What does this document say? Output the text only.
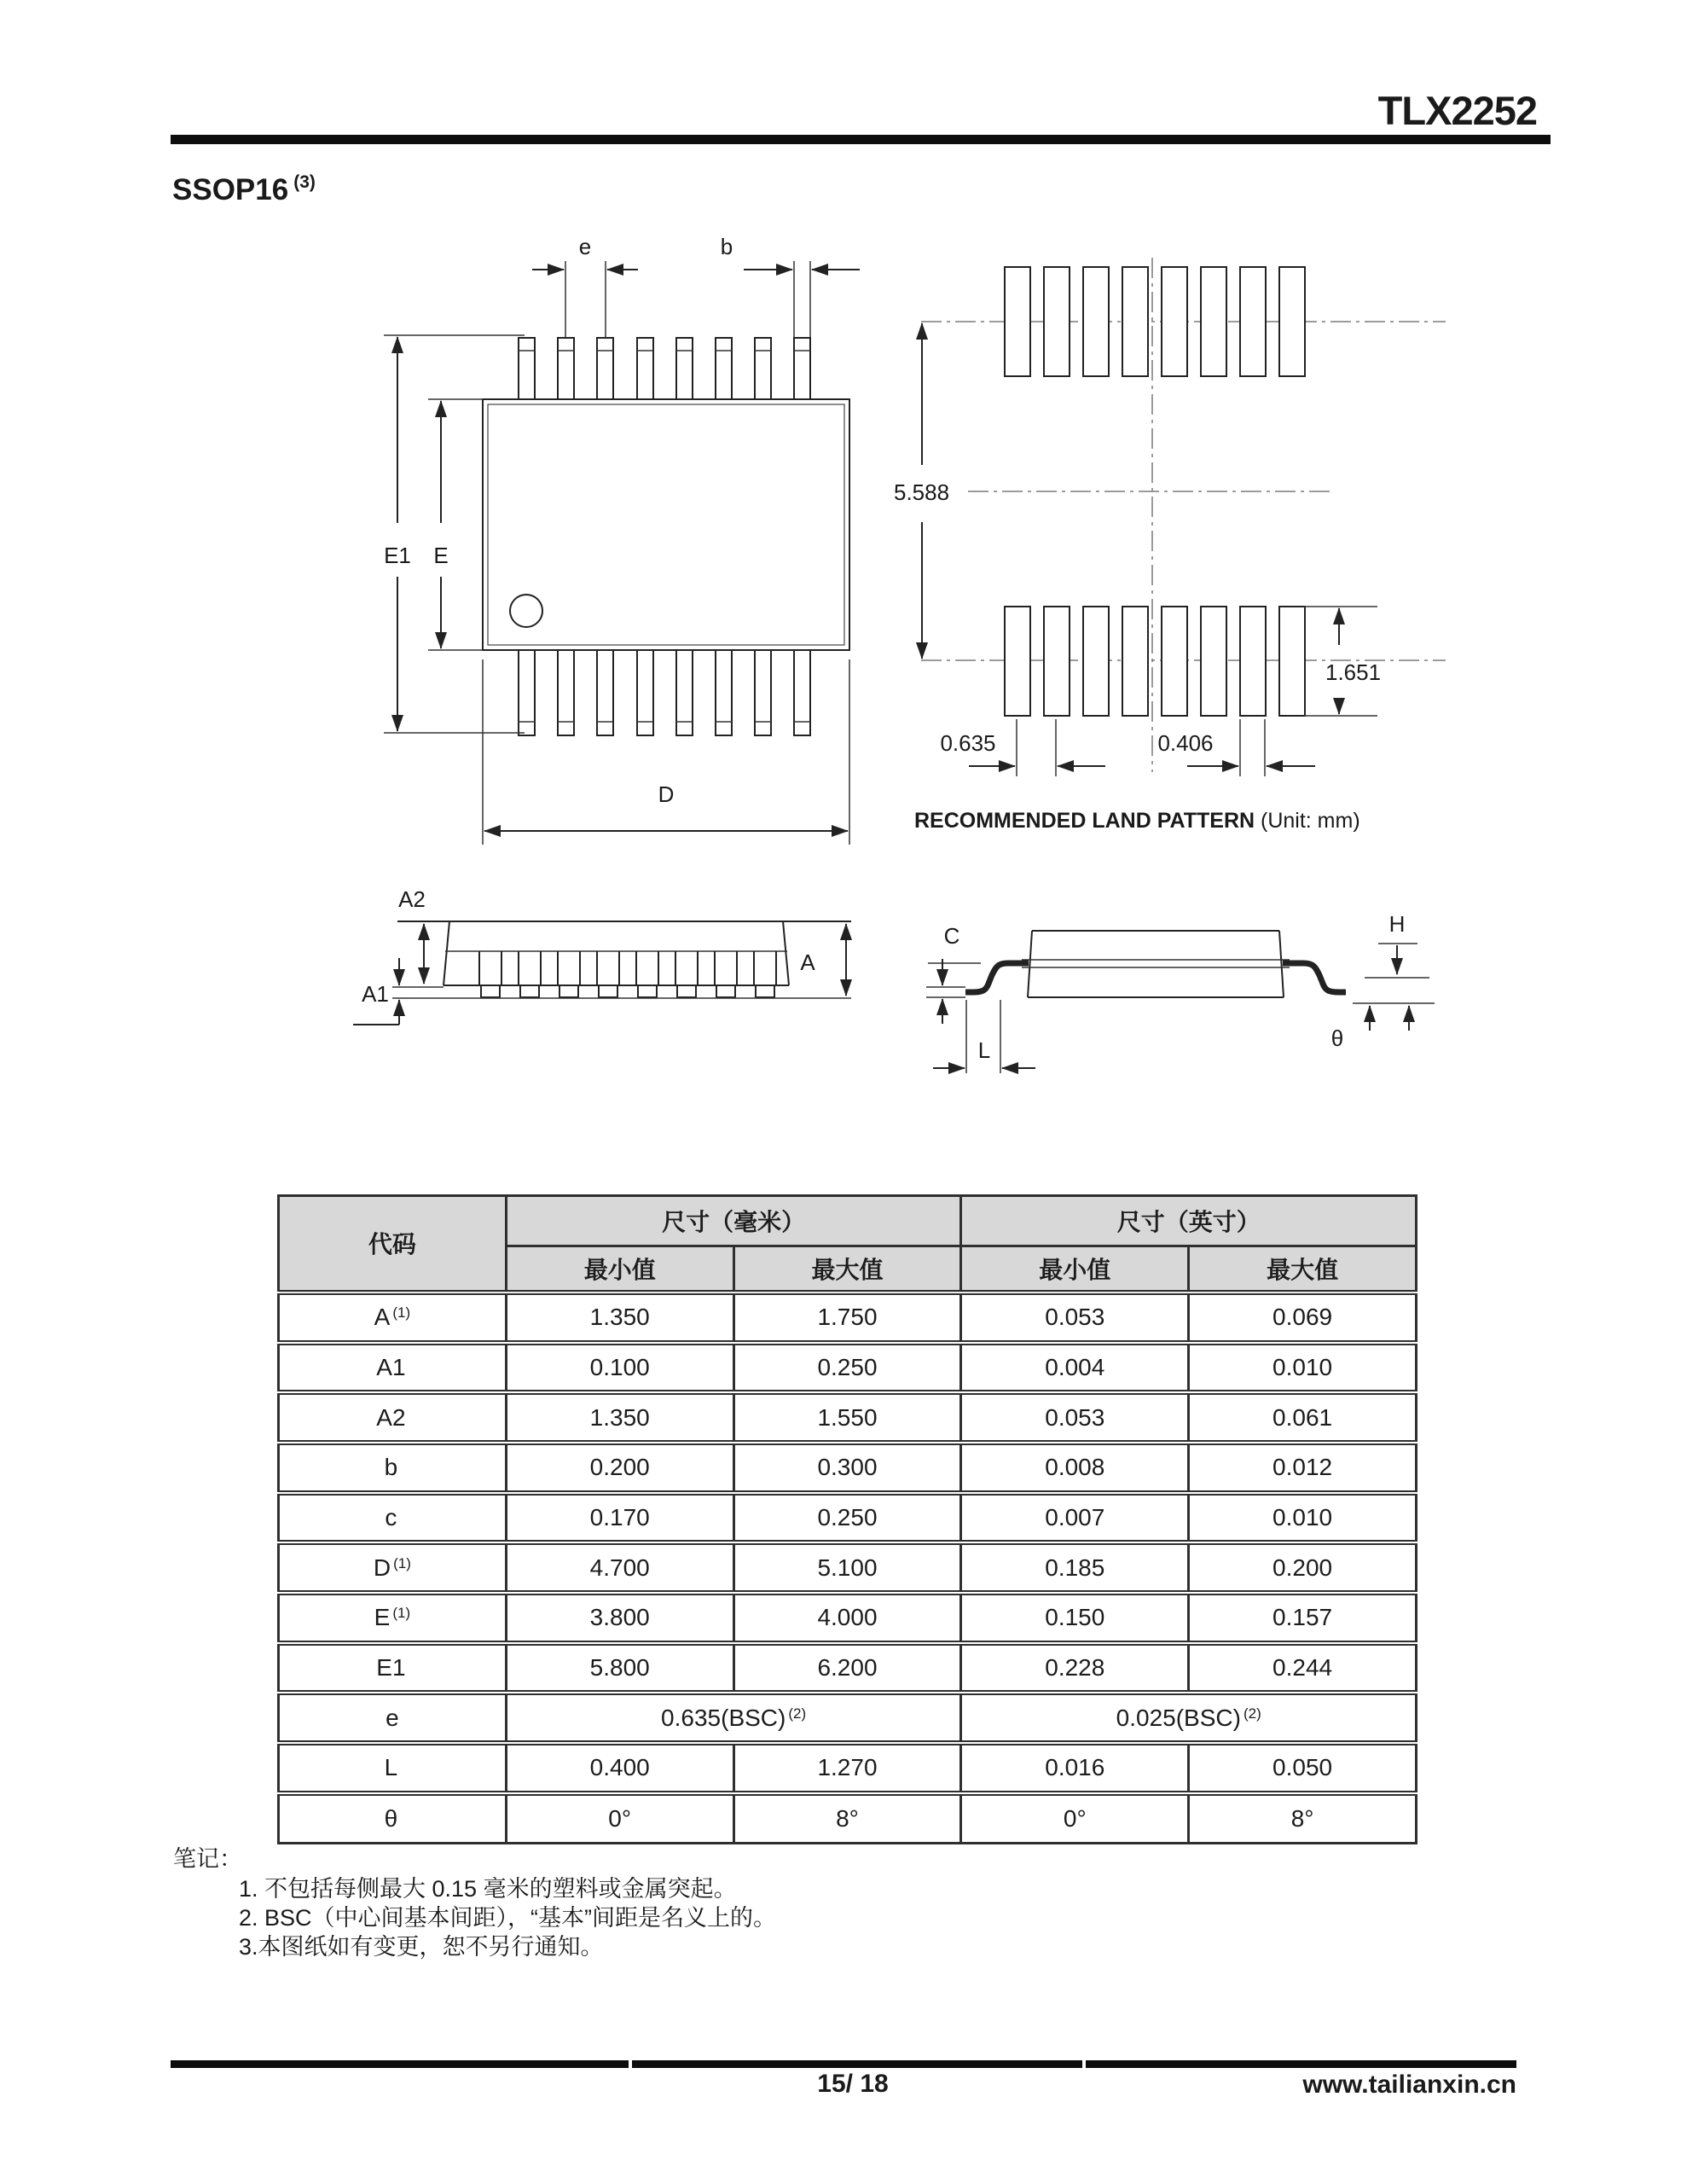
TLX2252
SSOP16 $^{(3)}$
e	b
E1 E
D
5.588
1.651
0.635	0.406
RECOMMENDED LAND PATTERN (Unit: mm)
A2
A1
A
C
L
H
θ
代码	尺寸（毫米）		尺寸（英寸）	
	最小值	最大值	最小值	最大值
A $^{(1)}$	1.350	1.750	0.053	0.069
A1	0.100	0.250	0.004	0.010
A2	1.350	1.550	0.053	0.061
b	0.200	0.300	0.008	0.012
c	0.170	0.250	0.007	0.010
D $^{(1)}$	4.700	5.100	0.185	0.200
E $^{(1)}$	3.800	4.000	0.150	0.157
E1	5.800	6.200	0.228	0.244
e	0.635(BSC) $^{(2)}$		0.025(BSC) $^{(2)}$
L	0.400	1.270	0.016	0.050
θ	0°	8°	0°	8°
笔记：
1. 不包括每侧最大 0.15 毫米的塑料或金属突起。
2. BSC（中心间基本间距），“基本”间距是名义上的。
3.本图纸如有变更，恕不另行通知。
15/ 18	www.tailianxin.cn
